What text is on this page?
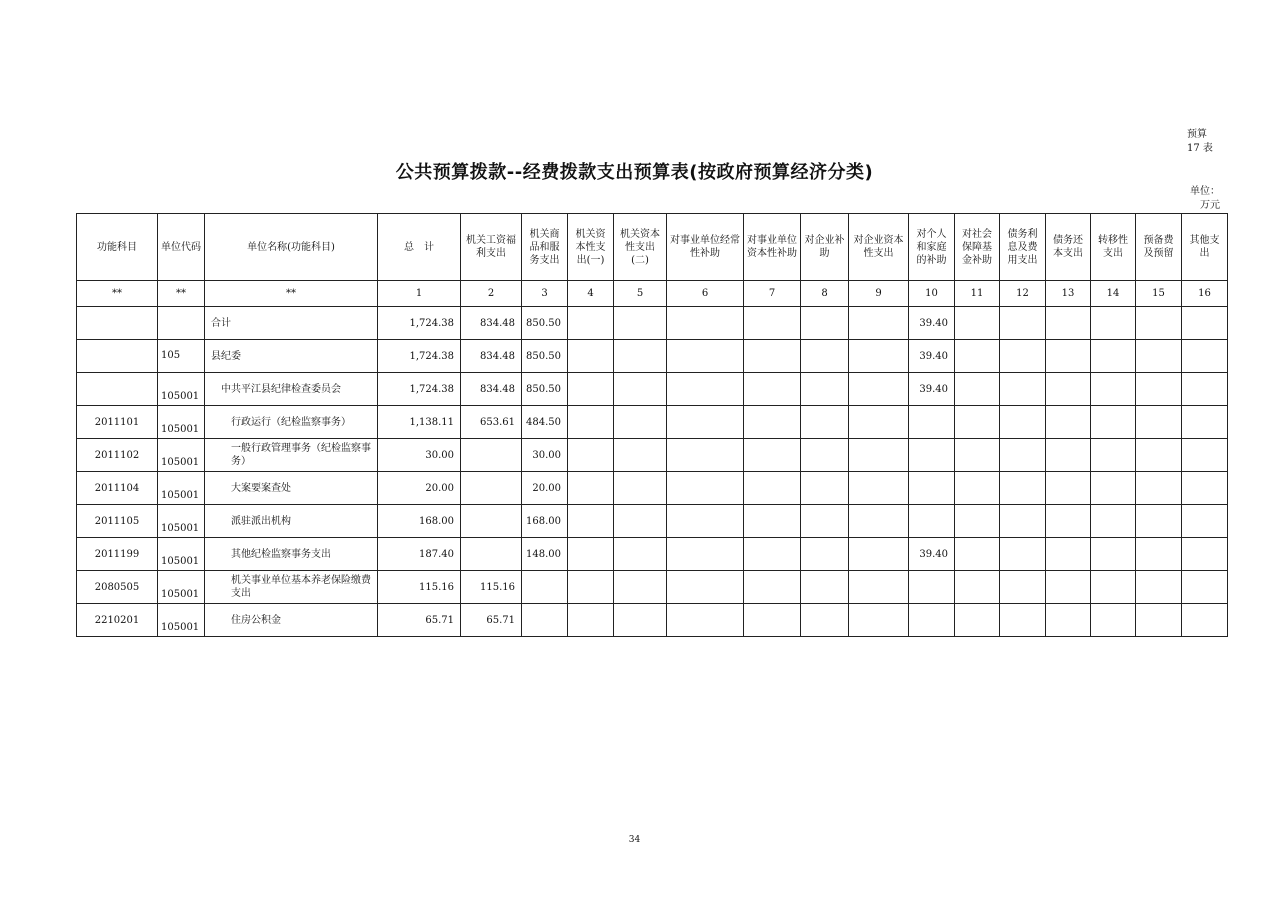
预算
17 表
公共预算拨款--经费拨款支出预算表(按政府预算经济分类)
单位：
万元
功能科目	单位代码	单位名称(功能科目)	总　计	机关工资福利支出	机关商品和服务支出	机关资本性支出(一)	机关资本性支出(二)	对事业单位经常性补助	对事业单位资本性补助	对企业补助	对企业资本性支出	对个人和家庭的补助	对社会保障基金补助	债务利息及费用支出	债务还本支出	转移性支出	预备费及预留	其他支出
**	**	**	1	2	3	4	5	6	7	8	9	10	11	12	13	14	15	16
		合计	1,724.38	834.48	850.50							39.40						
	105	县纪委	1,724.38	834.48	850.50							39.40						
	105001	中共平江县纪律检查委员会	1,724.38	834.48	850.50							39.40						
2011101	105001	行政运行（纪检监察事务）	1,138.11	653.61	484.50													
2011102	105001	一般行政管理事务（纪检监察事务）	30.00		30.00													
2011104	105001	大案要案查处	20.00		20.00													
2011105	105001	派驻派出机构	168.00		168.00													
2011199	105001	其他纪检监察事务支出	187.40		148.00							39.40						
2080505	105001	机关事业单位基本养老保险缴费支出	115.16	115.16														
2210201	105001	住房公积金	65.71	65.71														
34
